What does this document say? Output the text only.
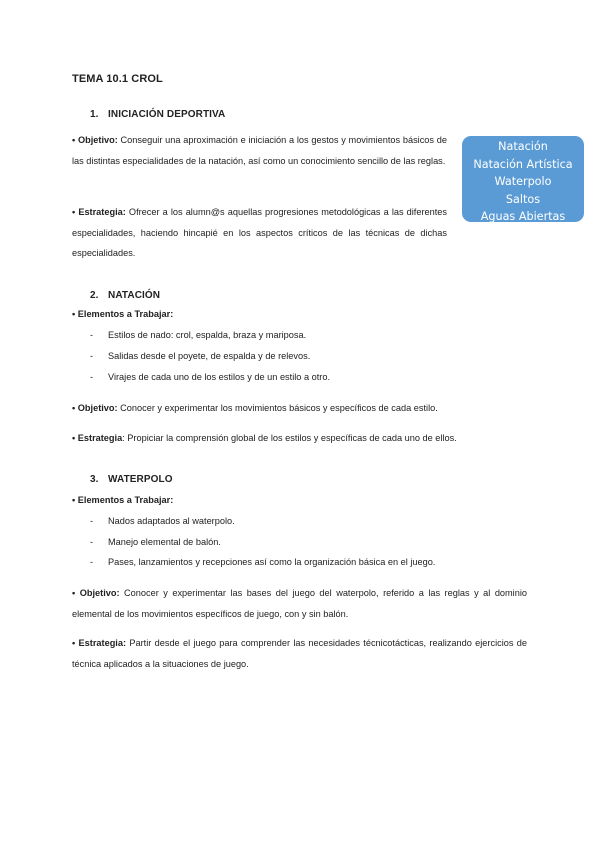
TEMA 10.1 CROL
1. INICIACIÓN DEPORTIVA
• Objetivo: Conseguir una aproximación e iniciación a los gestos y movimientos básicos de las distintas especialidades de la natación, así como un conocimiento sencillo de las reglas.
• Estrategia: Ofrecer a los alumn@s aquellas progresiones metodológicas a las diferentes especialidades, haciendo hincapié en los aspectos críticos de las técnicas de dichas especialidades.
Natación
Natación Artística
Waterpolo
Saltos
Aguas Abiertas
2. NATACIÓN
• Elementos a Trabajar:
- Estilos de nado: crol, espalda, braza y mariposa.
- Salidas desde el poyete, de espalda y de relevos.
- Virajes de cada uno de los estilos y de un estilo a otro.
• Objetivo: Conocer y experimentar los movimientos básicos y específicos de cada estilo.
• Estrategia: Propiciar la comprensión global de los estilos y específicas de cada uno de ellos.
3. WATERPOLO
• Elementos a Trabajar:
- Nados adaptados al waterpolo.
- Manejo elemental de balón.
- Pases, lanzamientos y recepciones así como la organización básica en el juego.
• Objetivo: Conocer y experimentar las bases del juego del waterpolo, referido a las reglas y al dominio elemental de los movimientos específicos de juego, con y sin balón.
• Estrategia: Partir desde el juego para comprender las necesidades técnicotácticas, realizando ejercicios de técnica aplicados a la situaciones de juego.
